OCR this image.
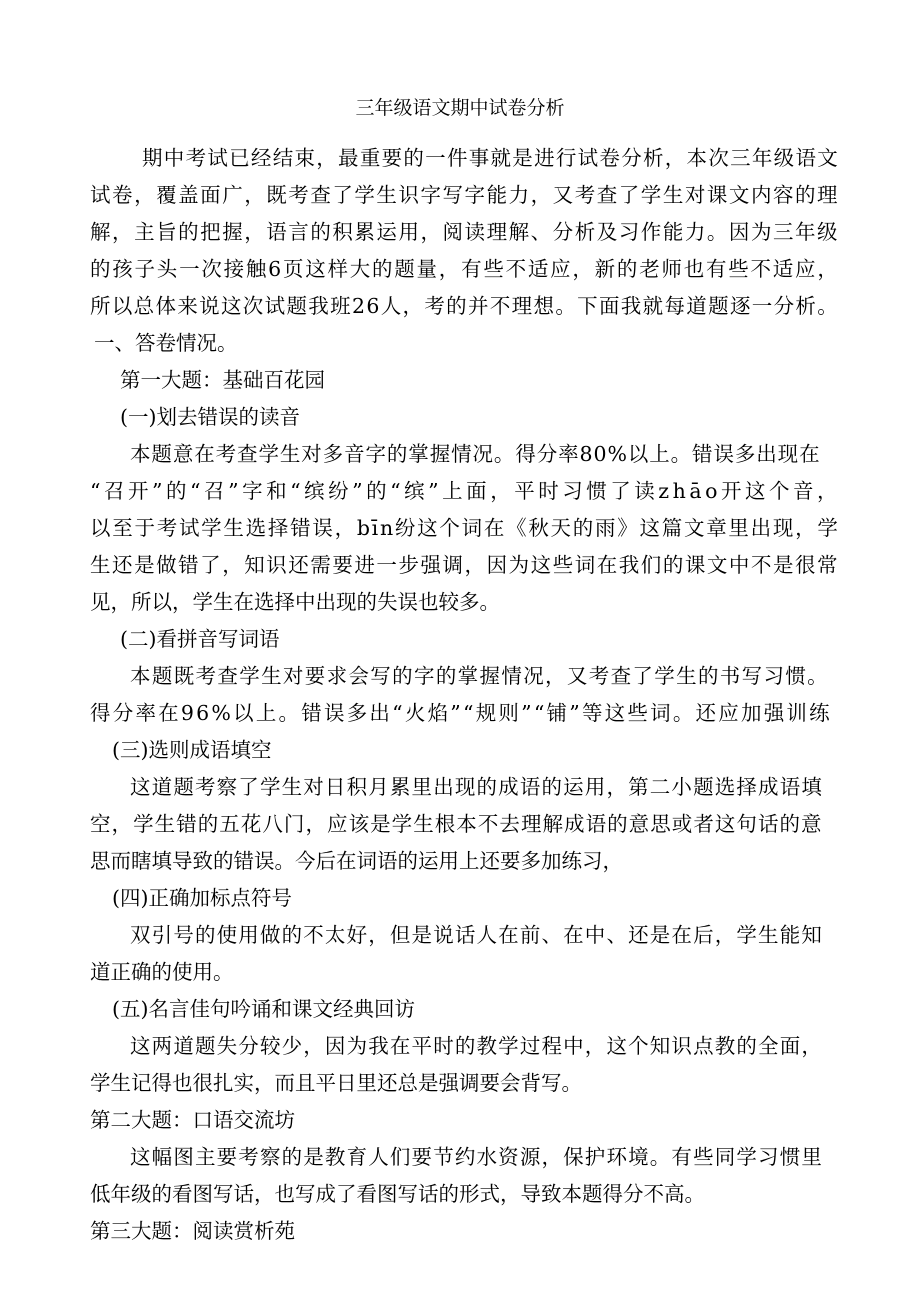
三年级语文期中试卷分析
期 中 考 试 已 经 结 束 ， 最 重 要 的 一 件 事 就 是 进 行 试 卷 分 析 ， 本 次 三 年 级 语 文
试 卷 ， 覆 盖 面 广 ， 既 考 查 了 学 生 识 字 写 字 能 力 ， 又 考 查 了 学 生 对 课 文 内 容 的 理
解 ， 主 旨 的 把 握 ， 语 言 的 积 累 运 用 ， 阅 读 理 解 、 分 析 及 习 作 能 力 。 因 为 三 年 级
的 孩 子 头 一 次 接 触 6 页 这 样 大 的 题 量 ， 有 些 不 适 应 ， 新 的 老 师 也 有 些 不 适 应 ，
所 以 总 体 来 说 这 次 试 题 我 班 2 6 人 ， 考 的 并 不 理 想 。 下 面 我 就 每 道 题 逐 一 分 析 。
一、答卷情况。
第一大题：基础百花园
(一)划去错误的读音
本 题 意 在 考 查 学 生 对 多 音 字 的 掌 握 情 况 。 得 分 率 8 0 % 以 上 。 错 误 多 出 现 在
“ 召 开 ” 的 “ 召 ” 字 和 “ 缤 纷 ” 的 “ 缤 ” 上 面 ， 平 时 习 惯 了 读 z h ā o 开 这 个 音 ，
以 至 于 考 试 学 生 选 择 错 误 ， b ī n 纷 这 个 词 在 《 秋 天 的 雨 》 这 篇 文 章 里 出 现 ， 学
生 还 是 做 错 了 ， 知 识 还 需 要 进 一 步 强 调 ， 因 为 这 些 词 在 我 们 的 课 文 中 不 是 很 常
见，所以，学生在选择中出现的失误也较多。
(二)看拼音写词语
本 题 既 考 查 学 生 对 要 求 会 写 的 字 的 掌 握 情 况 ， 又 考 查 了 学 生 的 书 写 习 惯 。
得 分 率 在 9 6 % 以 上 。 错 误 多 出 “ 火 焰 ” “ 规 则 ” “ 铺 ” 等 这 些 词 。 还 应 加 强 训 练
(三)选则成语填空
这 道 题 考 察 了 学 生 对 日 积 月 累 里 出 现 的 成 语 的 运 用 ， 第 二 小 题 选 择 成 语 填
空 ， 学 生 错 的 五 花 八 门 ， 应 该 是 学 生 根 本 不 去 理 解 成 语 的 意 思 或 者 这 句 话 的 意
思而瞎填导致的错误。今后在词语的运用上还要多加练习，
(四)正确加标点符号
双 引 号 的 使 用 做 的 不 太 好 ， 但 是 说 话 人 在 前 、 在 中 、 还 是 在 后 ， 学 生 能 知
道正确的使用。
(五)名言佳句吟诵和课文经典回访
这 两 道 题 失 分 较 少 ， 因 为 我 在 平 时 的 教 学 过 程 中 ， 这 个 知 识 点 教 的 全 面 ，
学生记得也很扎实，而且平日里还总是强调要会背写。
第二大题：口语交流坊
这 幅 图 主 要 考 察 的 是 教 育 人 们 要 节 约 水 资 源 ， 保 护 环 境 。 有 些 同 学 习 惯 里
低年级的看图写话，也写成了看图写话的形式，导致本题得分不高。
第三大题：阅读赏析苑
